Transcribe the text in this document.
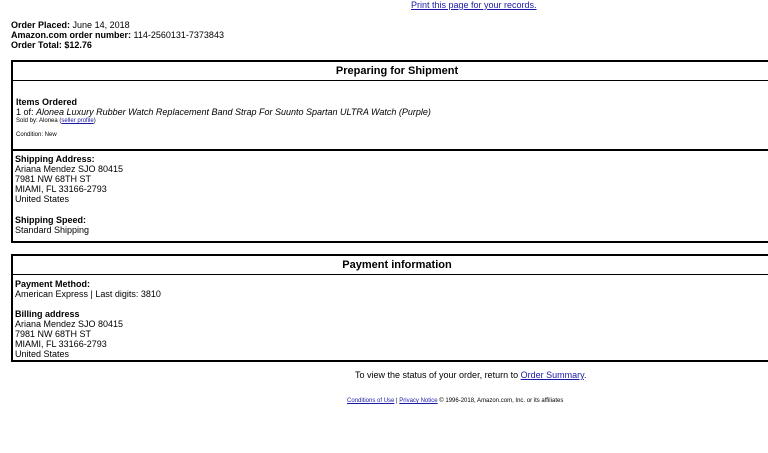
Print this page for your records.
Order Placed: June 14, 2018
Amazon.com order number: 114-2560131-7373843
Order Total: $12.76
Preparing for Shipment
Items Ordered
1 of: Alonea Luxury Rubber Watch Replacement Band Strap For Suunto Spartan ULTRA Watch (Purple)
Sold by: Alonea (seller profile)
Condition: New
Shipping Address:
Ariana Mendez SJO 80415
7981 NW 68TH ST
MIAMI, FL 33166-2793
United States
Shipping Speed:
Standard Shipping
Payment information
Payment Method:
American Express | Last digits: 3810
Billing address
Ariana Mendez SJO 80415
7981 NW 68TH ST
MIAMI, FL 33166-2793
United States
To view the status of your order, return to Order Summary.
Conditions of Use | Privacy Notice © 1996-2018, Amazon.com, Inc. or its affiliates
